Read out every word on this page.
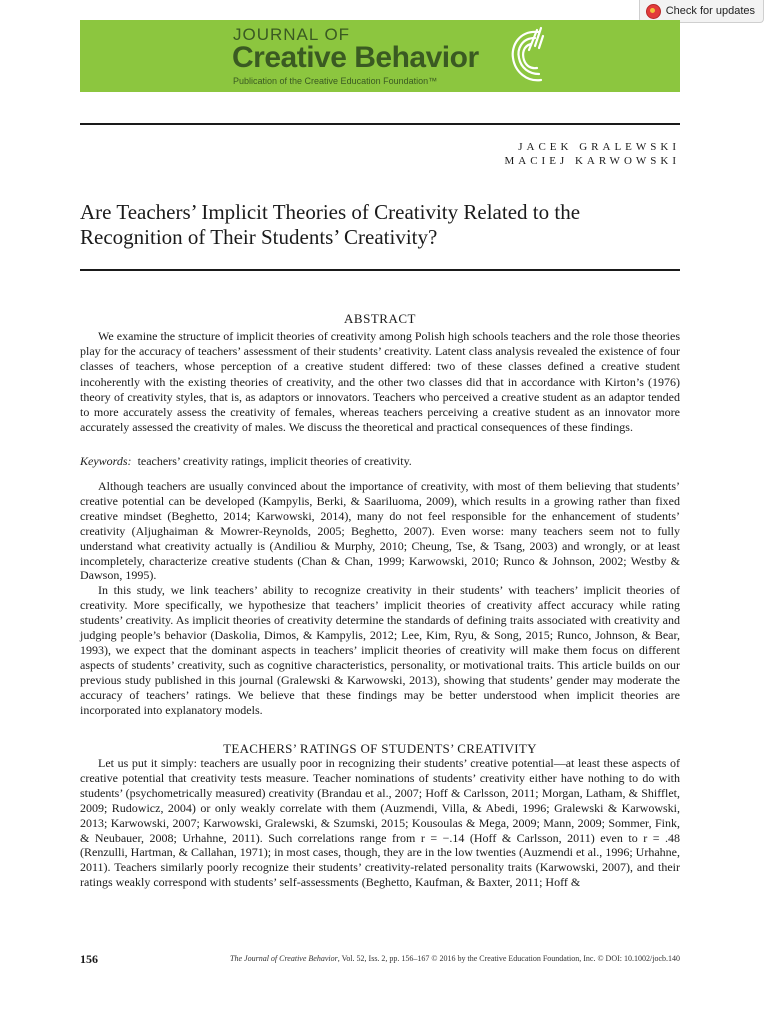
Check for updates
JOURNAL OF
Creative Behavior
Publication of the Creative Education Foundation™
JACEK GRALEWSKI
MACIEJ KARWOWSKI
Are Teachers’ Implicit Theories of Creativity Related to the Recognition of Their Students’ Creativity?
ABSTRACT

We examine the structure of implicit theories of creativity among Polish high schools teachers and the role those theories play for the accuracy of teachers’ assessment of their students’ creativity. Latent class analysis revealed the existence of four classes of teachers, whose perception of a creative student differed: two of these classes defined a creative student incoherently with the existing theories of creativity, and the other two classes did that in accordance with Kirton’s (1976) theory of creativity styles, that is, as adaptors or innovators. Teachers who perceived a creative student as an adaptor tended to more accurately assess the creativity of females, whereas teachers perceiving a creative student as an innovator more accurately assessed the creativity of males. We discuss the theoretical and practical consequences of these findings.

Keywords: teachers’ creativity ratings, implicit theories of creativity.

Although teachers are usually convinced about the importance of creativity, with most of them believing that students’ creative potential can be developed (Kampylis, Berki, & Saariluoma, 2009), which results in a growing rather than fixed creative mindset (Beghetto, 2014; Karwowski, 2014), many do not feel responsible for the enhancement of students’ creativity (Aljughaiman & Mowrer-Reynolds, 2005; Beghetto, 2007). Even worse: many teachers seem not to fully understand what creativity actually is (Andiliou & Murphy, 2010; Cheung, Tse, & Tsang, 2003) and wrongly, or at least incompletely, characterize creative students (Chan & Chan, 1999; Karwowski, 2010; Runco & Johnson, 2002; Westby & Dawson, 1995).

In this study, we link teachers’ ability to recognize creativity in their students’ with teachers’ implicit theories of creativity. More specifically, we hypothesize that teachers’ implicit theories of creativity affect accuracy while rating students’ creativity. As implicit theories of creativity determine the standards of defining traits associated with creativity and judging people’s behavior (Daskolia, Dimos, & Kampylis, 2012; Lee, Kim, Ryu, & Song, 2015; Runco, Johnson, & Bear, 1993), we expect that the dominant aspects in teachers’ implicit theories of creativity will make them focus on different aspects of students’ creativity, such as cognitive characteristics, personality, or motivational traits. This article builds on our previous study published in this journal (Gralewski & Karwowski, 2013), showing that students’ gender may moderate the accuracy of teachers’ ratings. We believe that these findings may be better understood when implicit theories are incorporated into explanatory models.

TEACHERS’ RATINGS OF STUDENTS’ CREATIVITY

Let us put it simply: teachers are usually poor in recognizing their students’ creative potential—at least these aspects of creative potential that creativity tests measure. Teacher nominations of students’ creativity either have nothing to do with students’ (psychometrically measured) creativity (Brandau et al., 2007; Hoff & Carlsson, 2011; Morgan, Latham, & Shifflet, 2009; Rudowicz, 2004) or only weakly correlate with them (Auzmendi, Villa, & Abedi, 1996; Gralewski & Karwowski, 2013; Karwowski, 2007; Karwowski, Gralewski, & Szumski, 2015; Kousoulas & Mega, 2009; Mann, 2009; Sommer, Fink, & Neubauer, 2008; Urhahne, 2011). Such correlations range from r = −.14 (Hoff & Carlsson, 2011) even to r = .48 (Renzulli, Hartman, & Callahan, 1971); in most cases, though, they are in the low twenties (Auzmendi et al., 1996; Urhahne, 2011). Teachers similarly poorly recognize their students’ creativity-related personality traits (Karwowski, 2007), and their ratings weakly correspond with students’ self-assessments (Beghetto, Kaufman, & Baxter, 2011; Hoff &

156	The Journal of Creative Behavior, Vol. 52, Iss. 2, pp. 156–167 © 2016 by the Creative Education Foundation, Inc. © DOI: 10.1002/jocb.140
